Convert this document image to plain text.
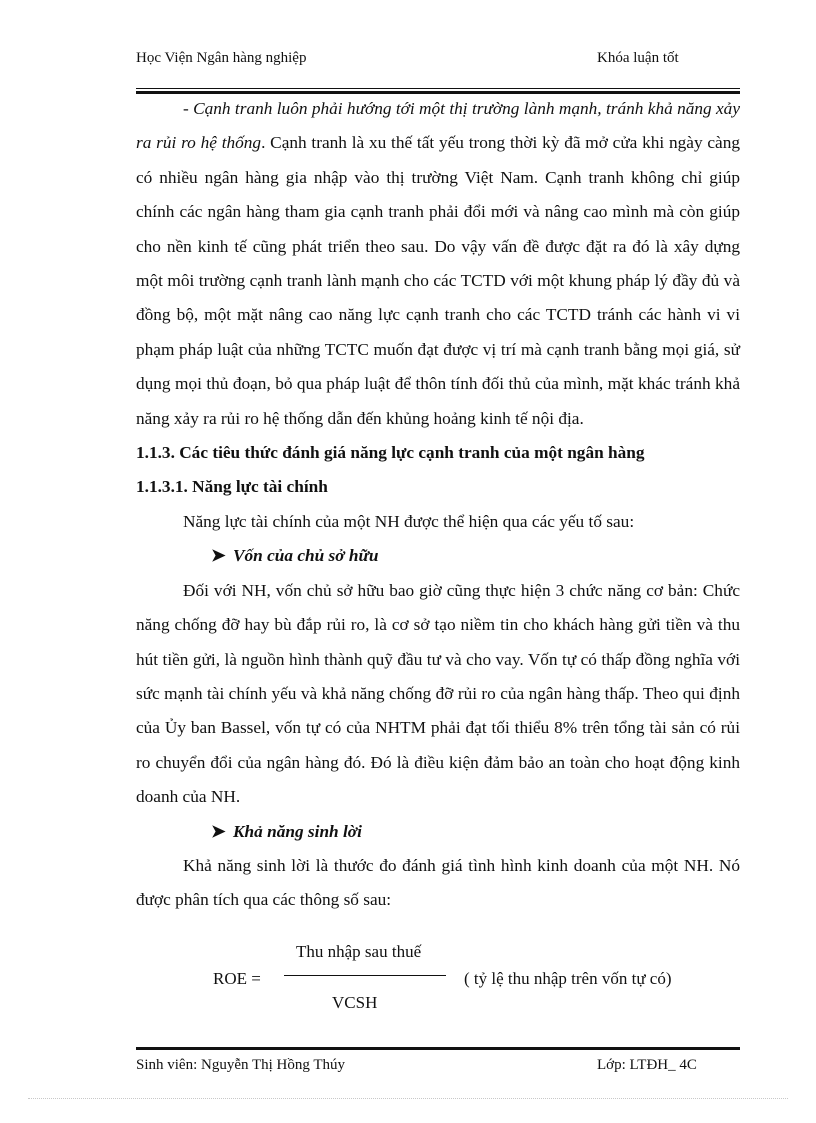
Học Viện Ngân hàng nghiệp	Khóa luận tốt

- Cạnh tranh luôn phải hướng tới một thị trường lành mạnh, tránh khả năng xảy ra rủi ro hệ thống. Cạnh tranh là xu thế tất yếu trong thời kỳ đã mở cửa khi ngày càng có nhiều ngân hàng gia nhập vào thị trường Việt Nam. Cạnh tranh không chỉ giúp chính các ngân hàng tham gia cạnh tranh phải đổi mới và nâng cao mình mà còn giúp cho nền kinh tế cũng phát triển theo sau. Do vậy vấn đề được đặt ra đó là xây dựng một môi trường cạnh tranh lành mạnh cho các TCTD với một khung pháp lý đầy đủ và đồng bộ, một mặt nâng cao năng lực cạnh tranh cho các TCTD tránh các hành vi vi phạm pháp luật của những TCTC muốn đạt được vị trí mà cạnh tranh bằng mọi giá, sử dụng mọi thủ đoạn, bỏ qua pháp luật để thôn tính đối thủ của mình, mặt khác tránh khả năng xảy ra rủi ro hệ thống dẫn đến khủng hoảng kinh tế nội địa.

1.1.3. Các tiêu thức đánh giá năng lực cạnh tranh của một ngân hàng

1.1.3.1. Năng lực tài chính

Năng lực tài chính của một NH được thể hiện qua các yếu tố sau:

➤ Vốn của chủ sở hữu

Đối với NH, vốn chủ sở hữu bao giờ cũng thực hiện 3 chức năng cơ bản: Chức năng chống đỡ hay bù đắp rủi ro, là cơ sở tạo niềm tin cho khách hàng gửi tiền và thu hút tiền gửi, là nguồn hình thành quỹ đầu tư và cho vay. Vốn tự có thấp đồng nghĩa với sức mạnh tài chính yếu và khả năng chống đỡ rủi ro của ngân hàng thấp. Theo qui định của Ủy ban Bassel, vốn tự có của NHTM phải đạt tối thiểu 8% trên tổng tài sản có rủi ro chuyển đổi của ngân hàng đó. Đó là điều kiện đảm bảo an toàn cho hoạt động kinh doanh của NH.

➤ Khả năng sinh lời

Khả năng sinh lời là thước đo đánh giá tình hình kinh doanh của một NH. Nó được phân tích qua các thông số sau:

ROE =
Thu nhập sau thuế
VCSH
( tỷ lệ thu nhập trên vốn tự có)
Sinh viên: Nguyễn Thị Hồng Thúy	Lớp: LTĐH_ 4C
